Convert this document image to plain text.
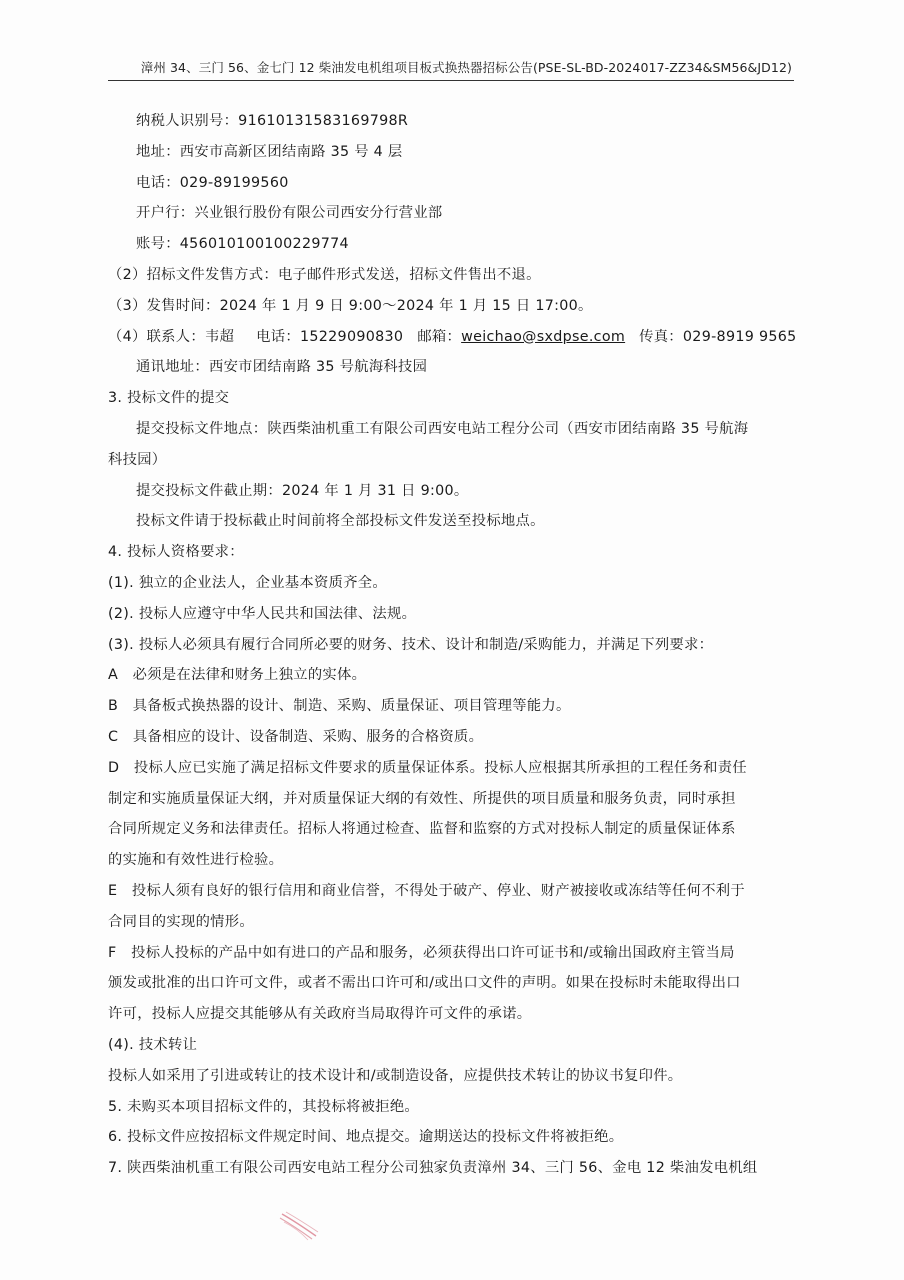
漳州 34、三门 56、金七门 12 柴油发电机组项目板式换热器招标公告(PSE-SL-BD-2024017-ZZ34&SM56&JD12)
纳税人识别号：91610131583169798R
地址：西安市高新区团结南路 35 号 4 层
电话：029-89199560
开户行：兴业银行股份有限公司西安分行营业部
账号：456010100100229774
（2）招标文件发售方式：电子邮件形式发送，招标文件售出不退。
（3）发售时间：2024 年 1 月 9 日 9:00～2024 年 1 月 15 日 17:00。
（4）联系人：韦超 电话：15229090830 邮箱：weichao@sxdpse.com 传真：029-8919 9565
通讯地址：西安市团结南路 35 号航海科技园
3. 投标文件的提交
提交投标文件地点：陕西柴油机重工有限公司西安电站工程分公司（西安市团结南路 35 号航海
科技园）
提交投标文件截止期：2024 年 1 月 31 日 9:00。
投标文件请于投标截止时间前将全部投标文件发送至投标地点。
4. 投标人资格要求：
(1). 独立的企业法人，企业基本资质齐全。
(2). 投标人应遵守中华人民共和国法律、法规。
(3). 投标人必须具有履行合同所必要的财务、技术、设计和制造/采购能力，并满足下列要求：
A　必须是在法律和财务上独立的实体。
B　具备板式换热器的设计、制造、采购、质量保证、项目管理等能力。
C　具备相应的设计、设备制造、采购、服务的合格资质。
D　投标人应已实施了满足招标文件要求的质量保证体系。投标人应根据其所承担的工程任务和责任
制定和实施质量保证大纲，并对质量保证大纲的有效性、所提供的项目质量和服务负责，同时承担
合同所规定义务和法律责任。招标人将通过检查、监督和监察的方式对投标人制定的质量保证体系
的实施和有效性进行检验。
E　投标人须有良好的银行信用和商业信誉，不得处于破产、停业、财产被接收或冻结等任何不利于
合同目的实现的情形。
F　投标人投标的产品中如有进口的产品和服务，必须获得出口许可证书和/或输出国政府主管当局
颁发或批准的出口许可文件，或者不需出口许可和/或出口文件的声明。如果在投标时未能取得出口
许可，投标人应提交其能够从有关政府当局取得许可文件的承诺。
(4). 技术转让
投标人如采用了引进或转让的技术设计和/或制造设备，应提供技术转让的协议书复印件。
5. 未购买本项目招标文件的，其投标将被拒绝。
6. 投标文件应按招标文件规定时间、地点提交。逾期送达的投标文件将被拒绝。
7. 陕西柴油机重工有限公司西安电站工程分公司独家负责漳州 34、三门 56、金电 12 柴油发电机组
